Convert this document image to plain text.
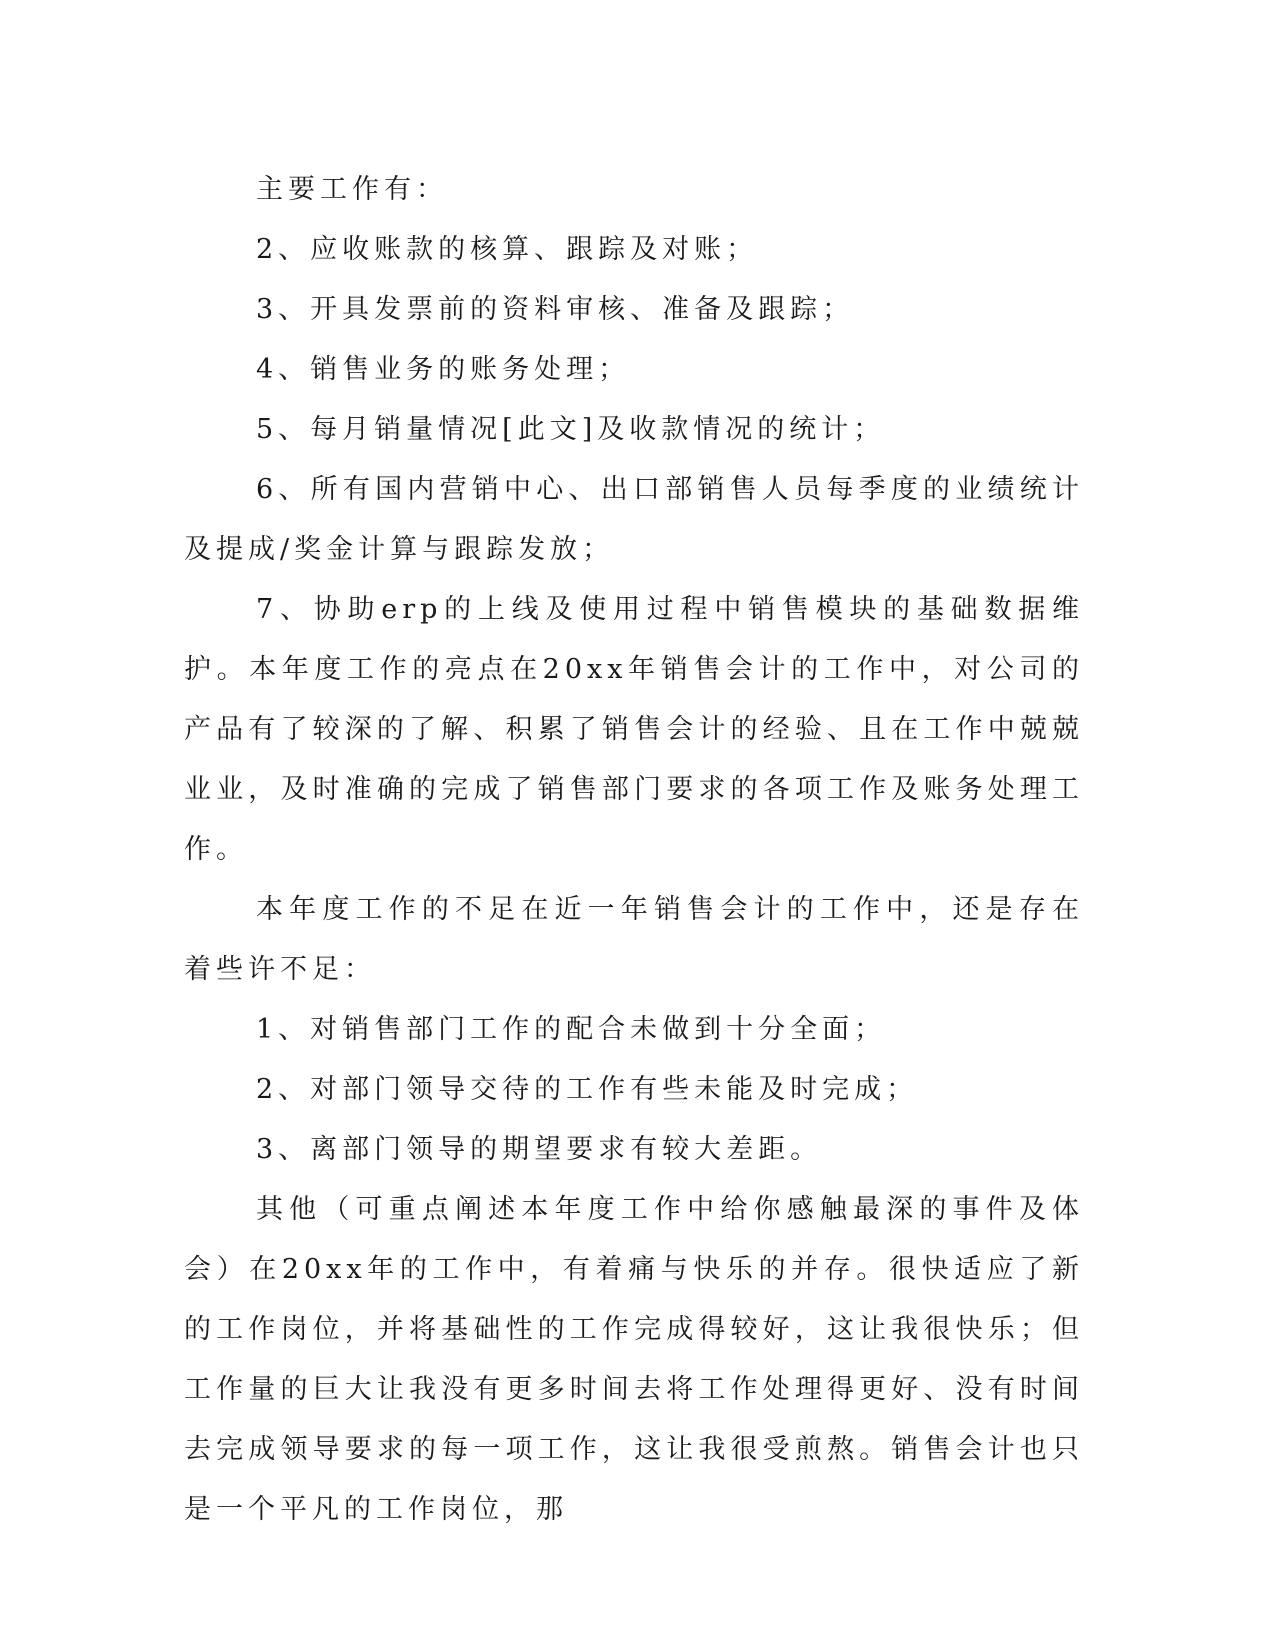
主要工作有：

2、应收账款的核算、跟踪及对账；

3、开具发票前的资料审核、准备及跟踪；

4、销售业务的账务处理；

5、每月销量情况[此文]及收款情况的统计；

6、所有国内营销中心、出口部销售人员每季度的业绩统计及提成/奖金计算与跟踪发放；

7、协助erp的上线及使用过程中销售模块的基础数据维护。本年度工作的亮点在20xx年销售会计的工作中，对公司的产品有了较深的了解、积累了销售会计的经验、且在工作中兢兢业业，及时准确的完成了销售部门要求的各项工作及账务处理工作。

本年度工作的不足在近一年销售会计的工作中，还是存在着些许不足：

1、对销售部门工作的配合未做到十分全面；

2、对部门领导交待的工作有些未能及时完成；

3、离部门领导的期望要求有较大差距。

其他（可重点阐述本年度工作中给你感触最深的事件及体会）在20xx年的工作中，有着痛与快乐的并存。很快适应了新的工作岗位，并将基础性的工作完成得较好，这让我很快乐；但工作量的巨大让我没有更多时间去将工作处理得更好、没有时间去完成领导要求的每一项工作，这让我很受煎熬。销售会计也只是一个平凡的工作岗位，那
